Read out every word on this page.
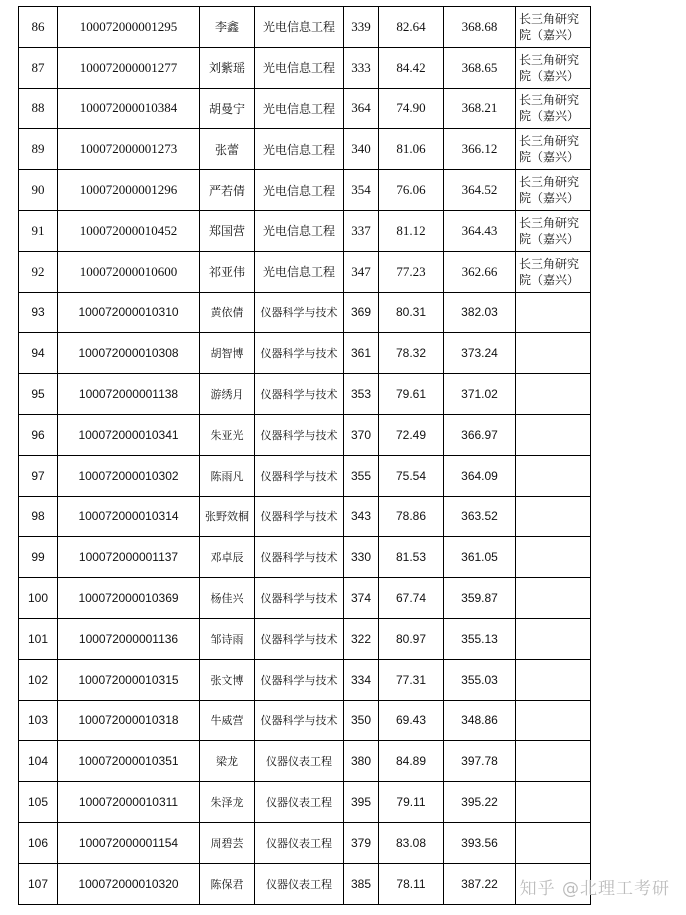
86	100072000001295	李鑫	光电信息工程	339	82.64	368.68	长三角研究院（嘉兴）
87	100072000001277	刘紫瑶	光电信息工程	333	84.42	368.65	长三角研究院（嘉兴）
88	100072000010384	胡曼宁	光电信息工程	364	74.90	368.21	长三角研究院（嘉兴）
89	100072000001273	张蕾	光电信息工程	340	81.06	366.12	长三角研究院（嘉兴）
90	100072000001296	严若倩	光电信息工程	354	76.06	364.52	长三角研究院（嘉兴）
91	100072000010452	郑国营	光电信息工程	337	81.12	364.43	长三角研究院（嘉兴）
92	100072000010600	祁亚伟	光电信息工程	347	77.23	362.66	长三角研究院（嘉兴）
93	100072000010310	黄依倩	仪器科学与技术	369	80.31	382.03	
94	100072000010308	胡智博	仪器科学与技术	361	78.32	373.24	
95	100072000001138	游绣月	仪器科学与技术	353	79.61	371.02	
96	100072000010341	朱亚光	仪器科学与技术	370	72.49	366.97	
97	100072000010302	陈雨凡	仪器科学与技术	355	75.54	364.09	
98	100072000010314	张野效桐	仪器科学与技术	343	78.86	363.52	
99	100072000001137	邓卓辰	仪器科学与技术	330	81.53	361.05	
100	100072000010369	杨佳兴	仪器科学与技术	374	67.74	359.87	
101	100072000001136	邹诗雨	仪器科学与技术	322	80.97	355.13	
102	100072000010315	张文博	仪器科学与技术	334	77.31	355.03	
103	100072000010318	牛威营	仪器科学与技术	350	69.43	348.86	
104	100072000010351	梁龙	仪器仪表工程	380	84.89	397.78	
105	100072000010311	朱泽龙	仪器仪表工程	395	79.11	395.22	
106	100072000001154	周碧芸	仪器仪表工程	379	83.08	393.56	
107	100072000010320	陈保君	仪器仪表工程	385	78.11	387.22	知乎 @北理工考研
